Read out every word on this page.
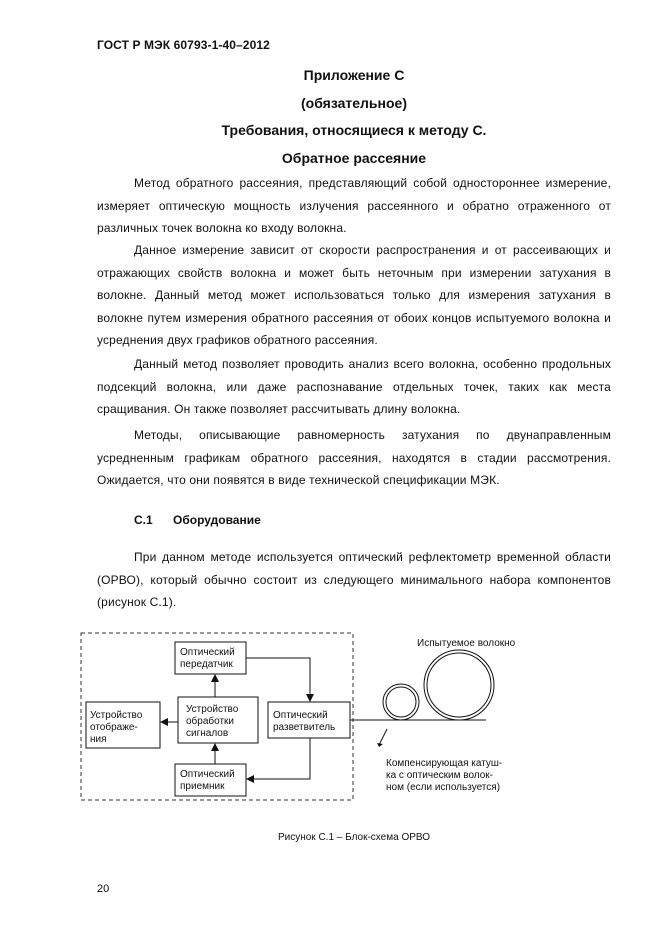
ГОСТ Р МЭК 60793-1-40–2012
Приложение С
(обязательное)
Требования, относящиеся к методу С.
Обратное рассеяние

Метод обратного рассеяния, представляющий собой одностороннее измерение, измеряет оптическую мощность излучения рассеянного и обратно отраженного от различных точек волокна ко входу волокна.

Данное измерение зависит от скорости распространения и от рассеивающих и отражающих свойств волокна и может быть неточным при измерении затухания в волокне. Данный метод может использоваться только для измерения затухания в волокне путем измерения обратного рассеяния от обоих концов испытуемого волокна и усреднения двух графиков обратного рассеяния.

Данный метод позволяет проводить анализ всего волокна, особенно продольных подсекций волокна, или даже распознавание отдельных точек, таких как места сращивания. Он также позволяет рассчитывать длину волокна.

Методы, описывающие равномерность затухания по двунаправленным усредненным графикам обратного рассеяния, находятся в стадии рассмотрения. Ожидается, что они появятся в виде технической спецификации МЭК.

С.1 Оборудование

При данном методе используется оптический рефлектометр временной области (ОРВО), который обычно состоит из следующего минимального набора компонентов (рисунок С.1).

Оптический
передатчик
Устройство
обработки
сигналов
Устройство
отображе-
ния
Оптический
разветвитель
Оптический
приемник
Испытуемое волокно
Компенсирующая катуш-
ка с оптическим волок-
ном (если используется)
Рисунок С.1 – Блок-схема ОРВО
20
